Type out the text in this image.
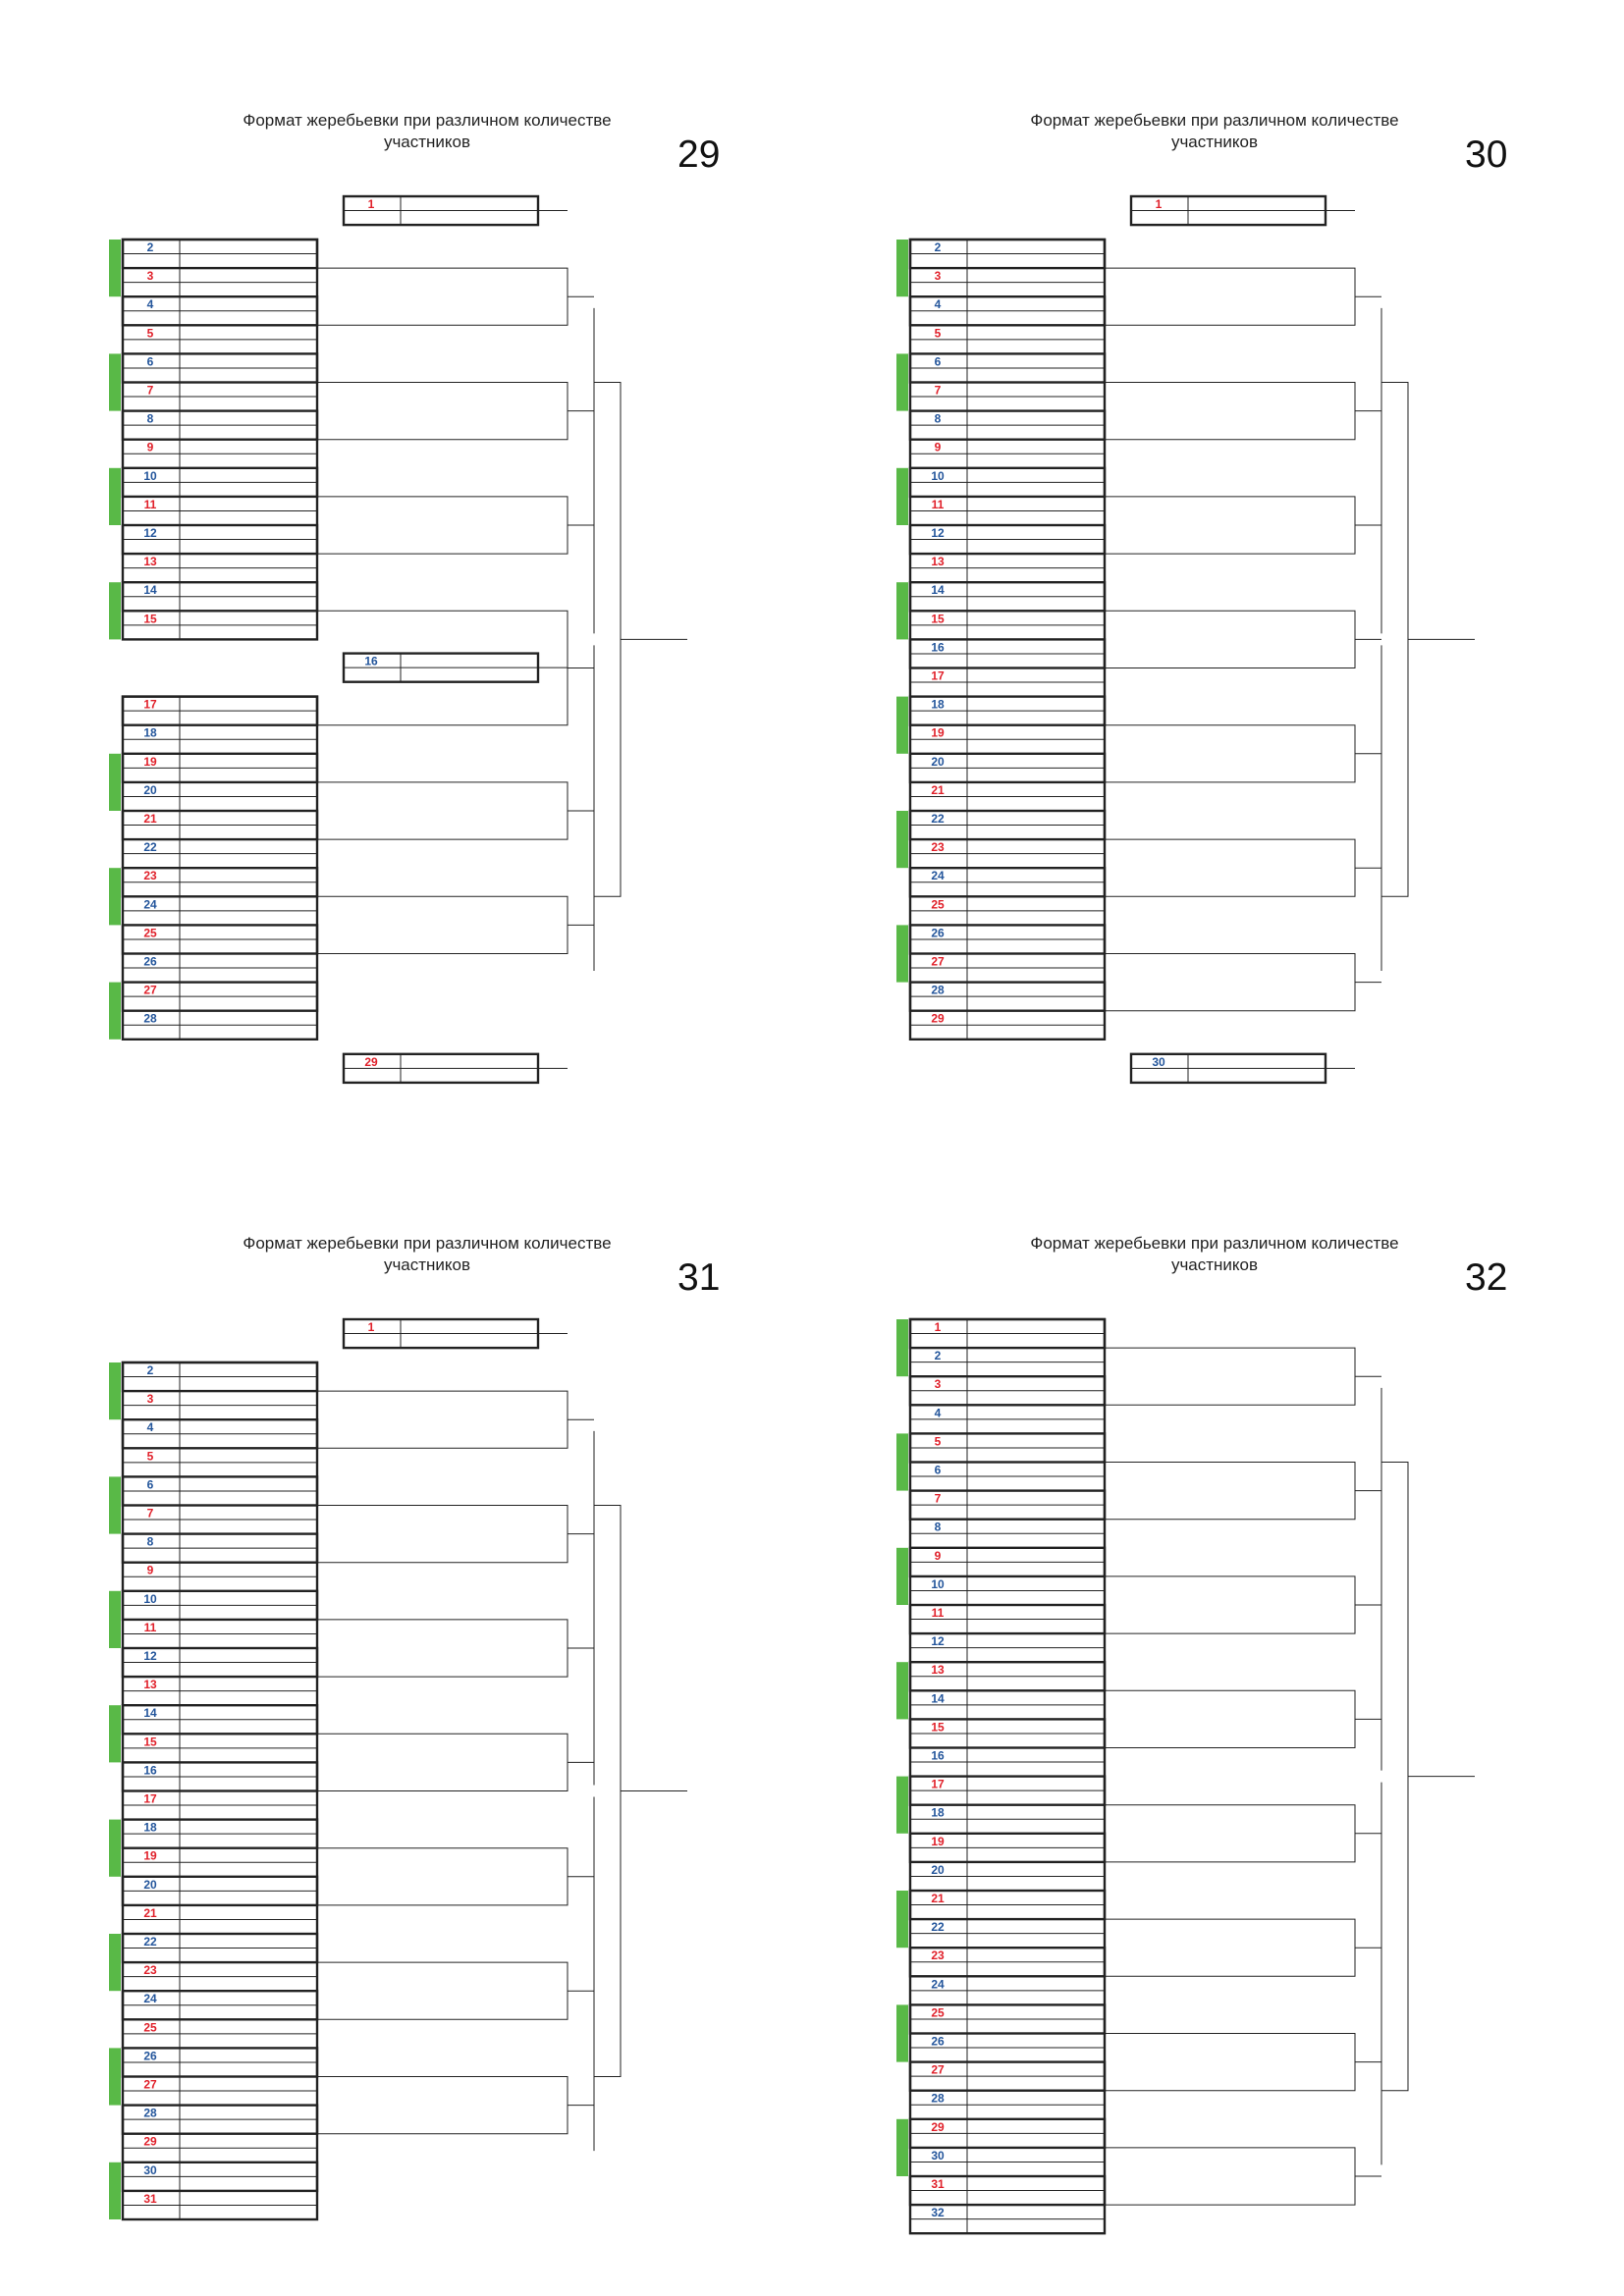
Формат жеребьевки при различном количестве участников	29
2
3
4
5
6
7
8
9
10
11
12
13
14
15
17
18
19
20
21
22
23
24
25
26
27
28
1
16
29
Формат жеребьевки при различном количестве участников	30
2
3
4
5
6
7
8
9
10
11
12
13
14
15
16
17
18
19
20
21
22
23
24
25
26
27
28
29
1
30
Формат жеребьевки при различном количестве участников	31
2
3
4
5
6
7
8
9
10
11
12
13
14
15
16
17
18
19
20
21
22
23
24
25
26
27
28
29
30
31
1
Формат жеребьевки при различном количестве участников	32
1
2
3
4
5
6
7
8
9
10
11
12
13
14
15
16
17
18
19
20
21
22
23
24
25
26
27
28
29
30
31
32
